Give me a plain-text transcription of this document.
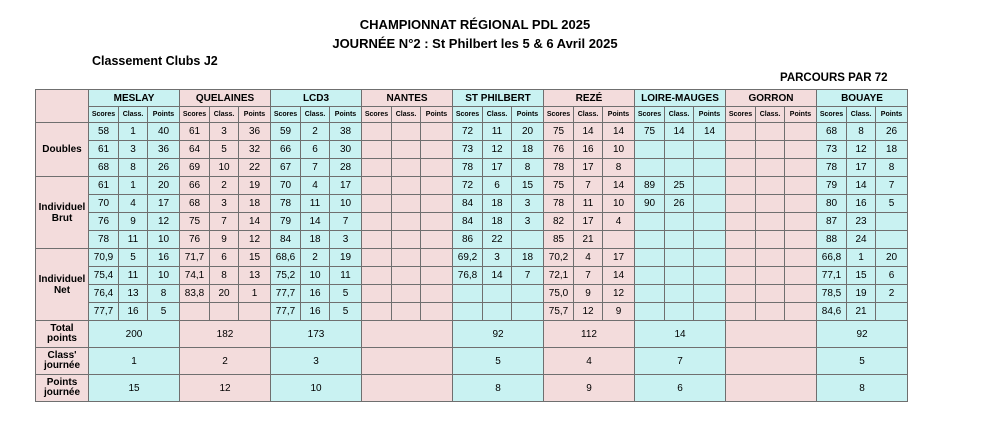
CHAMPIONNAT RÉGIONAL PDL 2025
JOURNÉE N°2 : St Philbert les 5 & 6 Avril 2025
Classement Clubs J2
PARCOURS PAR 72
	MESLAY			QUELAINES			LCD3			NANTES			ST PHILBERT			REZÉ			LOIRE-MAUGES			GORRON			BOUAYE		
	Scores	Class.	Points	Scores	Class.	Points	Scores	Class.	Points	Scores	Class.	Points	Scores	Class.	Points	Scores	Class.	Points	Scores	Class.	Points	Scores	Class.	Points	Scores	Class.	Points
Doubles	58	1	40	61	3	36	59	2	38				72	11	20	75	14	14	75	14	14				68	8	26
	61	3	36	64	5	32	66	6	30				73	12	18	76	16	10							73	12	18
	68	8	26	69	10	22	67	7	28				78	17	8	78	17	8							78	17	8
Individuel Brut	61	1	20	66	2	19	70	4	17				72	6	15	75	7	14	89	25					79	14	7
	70	4	17	68	3	18	78	11	10				84	18	3	78	11	10	90	26					80	16	5
	76	9	12	75	7	14	79	14	7				84	18	3	82	17	4							87	23	
	78	11	10	76	9	12	84	18	3				86	22		85	21								88	24	
Individuel Net	70,9	5	16	71,7	6	15	68,6	2	19				69,2	3	18	70,2	4	17							66,8	1	20
	75,4	11	10	74,1	8	13	75,2	10	11				76,8	14	7	72,1	7	14							77,1	15	6
	76,4	13	8	83,8	20	1	77,7	16	5							75,0	9	12							78,5	19	2
	77,7	16	5				77,7	16	5							75,7	12	9							84,6	21	
Total points	200			182			173						92			112			14						92		
Class' journée	1			2			3						5			4			7						5		
Points journée	15			12			10						8			9			6						8		
